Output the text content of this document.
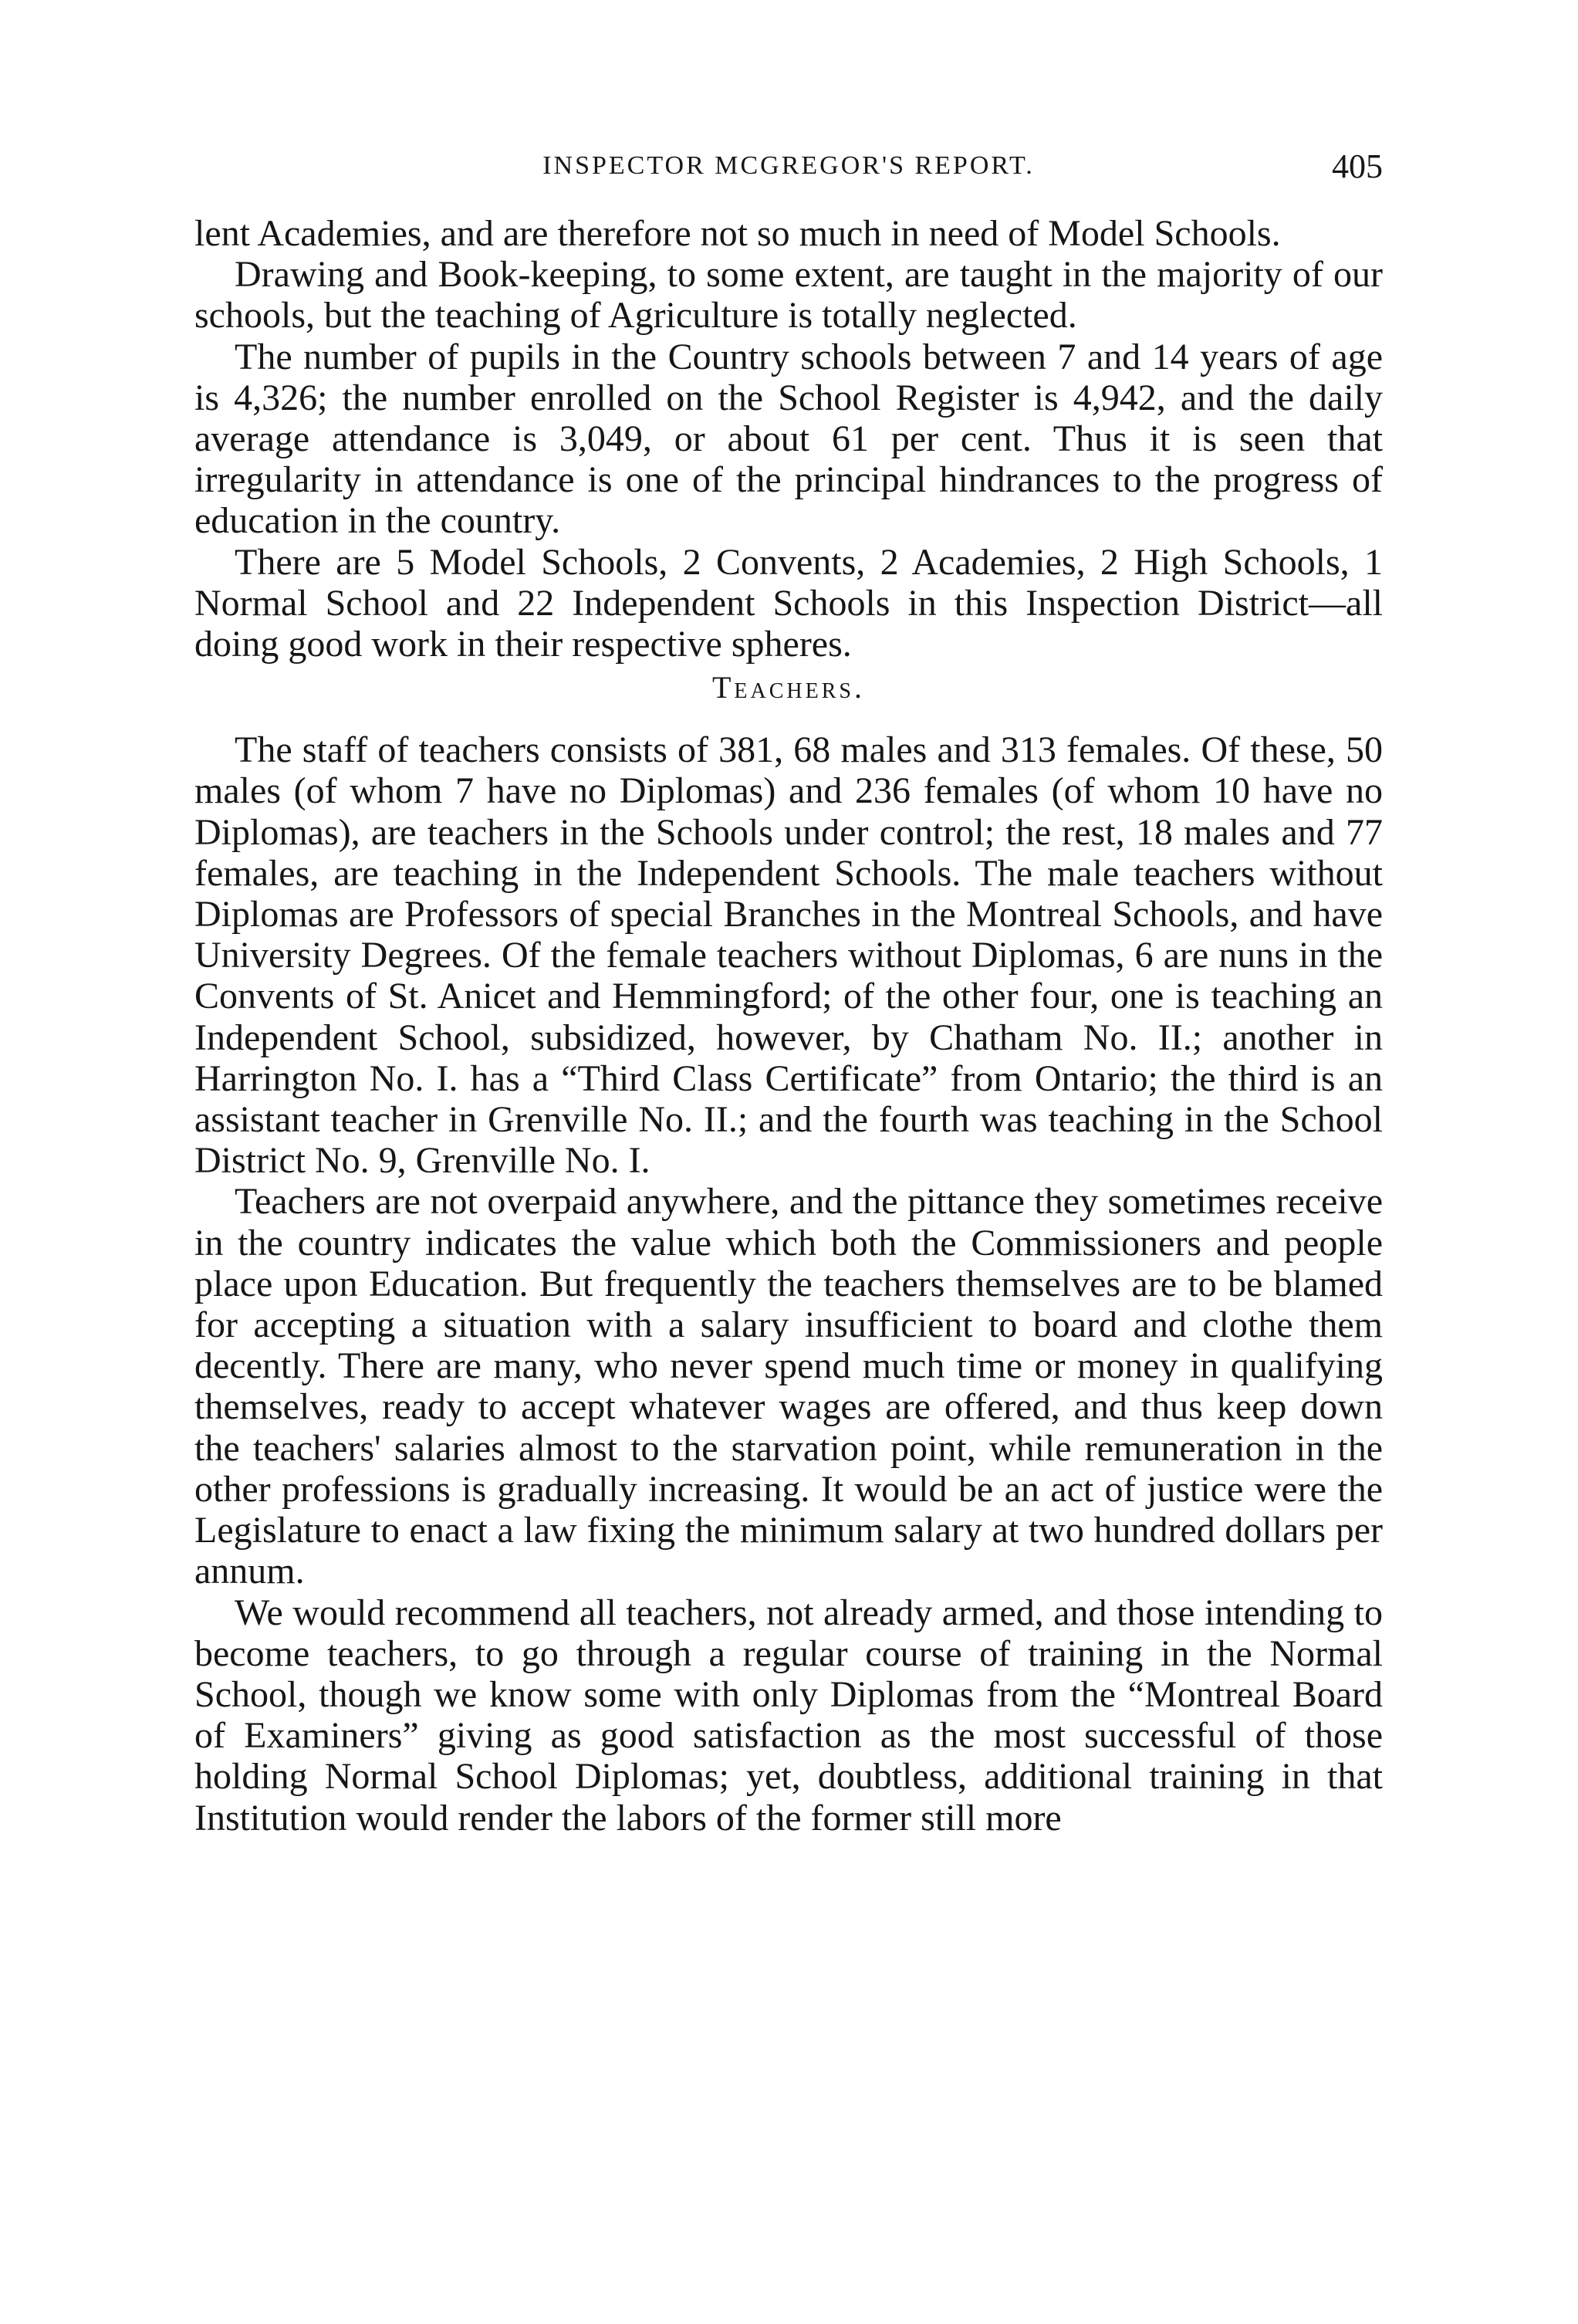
INSPECTOR MCGREGOR'S REPORT.	405

lent Academies, and are therefore not so much in need of Model Schools.

Drawing and Book-keeping, to some extent, are taught in the majority of our schools, but the teaching of Agriculture is totally neglected.

The number of pupils in the Country schools between 7 and 14 years of age is 4,326; the number enrolled on the School Register is 4,942, and the daily average attendance is 3,049, or about 61 per cent. Thus it is seen that irregularity in attendance is one of the principal hindrances to the progress of education in the country.

There are 5 Model Schools, 2 Convents, 2 Academies, 2 High Schools, 1 Normal School and 22 Independent Schools in this Inspection District—all doing good work in their respective spheres.

Teachers.

The staff of teachers consists of 381, 68 males and 313 females. Of these, 50 males (of whom 7 have no Diplomas) and 236 females (of whom 10 have no Diplomas), are teachers in the Schools under control; the rest, 18 males and 77 females, are teaching in the Independent Schools. The male teachers without Diplomas are Professors of special Branches in the Montreal Schools, and have University Degrees. Of the female teachers without Diplomas, 6 are nuns in the Convents of St. Anicet and Hemmingford; of the other four, one is teaching an Independent School, subsidized, however, by Chatham No. II.; another in Harrington No. I. has a “Third Class Certificate” from Ontario; the third is an assistant teacher in Grenville No. II.; and the fourth was teaching in the School District No. 9, Grenville No. I.

Teachers are not overpaid anywhere, and the pittance they sometimes receive in the country indicates the value which both the Commissioners and people place upon Education. But frequently the teachers themselves are to be blamed for accepting a situation with a salary insufficient to board and clothe them decently. There are many, who never spend much time or money in qualifying themselves, ready to accept whatever wages are offered, and thus keep down the teachers' salaries almost to the starvation point, while remuneration in the other professions is gradually increasing. It would be an act of justice were the Legislature to enact a law fixing the minimum salary at two hundred dollars per annum.

We would recommend all teachers, not already armed, and those intending to become teachers, to go through a regular course of training in the Normal School, though we know some with only Diplomas from the “Montreal Board of Examiners” giving as good satisfaction as the most successful of those holding Normal School Diplomas; yet, doubtless, additional training in that Institution would render the labors of the former still more
